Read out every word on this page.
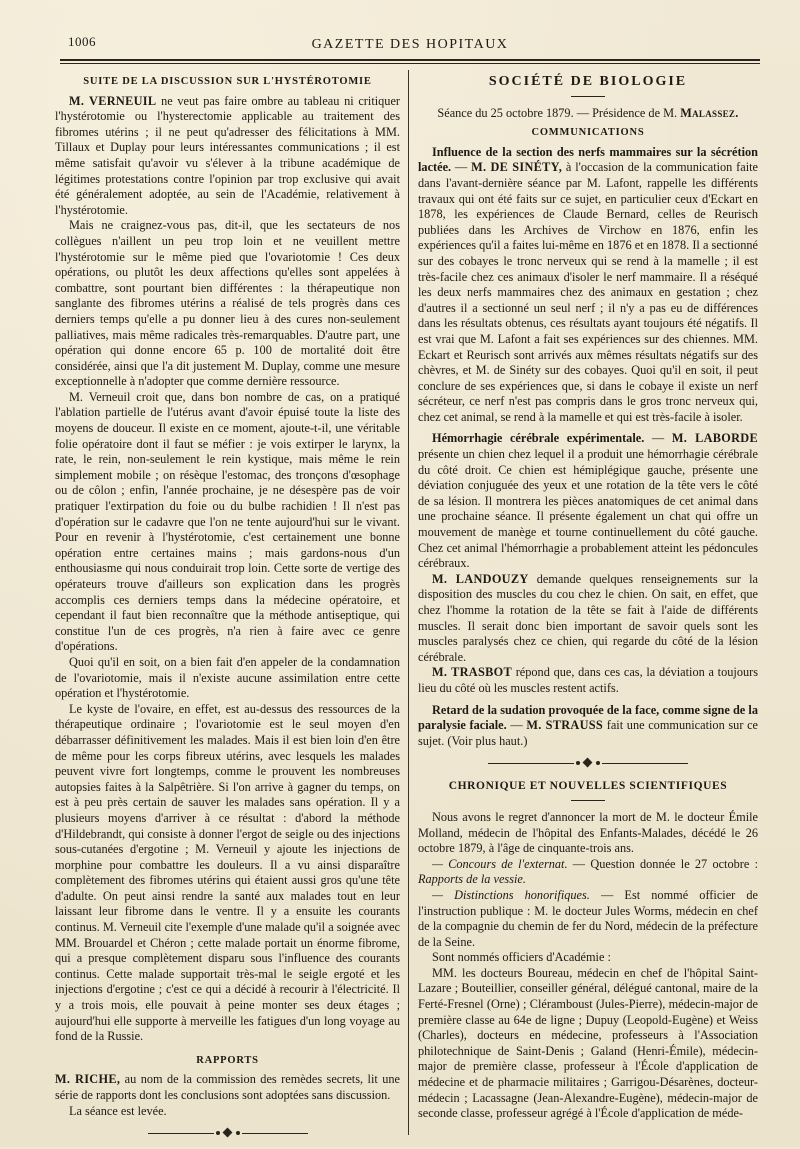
1006	GAZETTE DES HOPITAUX
SUITE DE LA DISCUSSION SUR L'HYSTÉROTOMIE

M. VERNEUIL ne veut pas faire ombre au tableau ni critiquer l'hystérotomie ou l'hysterectomie applicable au traitement des fibromes utérins ; il ne peut qu'adresser des félicitations à MM. Tillaux et Duplay pour leurs intéressantes communications ; il est même satisfait qu'avoir vu s'élever à la tribune académique de légitimes protestations contre l'opinion par trop exclusive qui avait été généralement adoptée, au sein de l'Académie, relativement à l'hystérotomie.

Mais ne craignez-vous pas, dit-il, que les sectateurs de nos collègues n'aillent un peu trop loin et ne veuillent mettre l'hystérotomie sur le même pied que l'ovariotomie ! Ces deux opérations, ou plutôt les deux affections qu'elles sont appelées à combattre, sont pourtant bien différentes : la thérapeutique non sanglante des fibromes utérins a réalisé de tels progrès dans ces derniers temps qu'elle a pu donner lieu à des cures non-seulement palliatives, mais même radicales très-remarquables. D'autre part, une opération qui donne encore 65 p. 100 de mortalité doit être considérée, ainsi que l'a dit justement M. Duplay, comme une mesure exceptionnelle à n'adopter que comme dernière ressource.

M. Verneuil croit que, dans bon nombre de cas, on a pratiqué l'ablation partielle de l'utérus avant d'avoir épuisé toute la liste des moyens de douceur. Il existe en ce moment, ajoute-t-il, une véritable folie opératoire dont il faut se méfier : je vois extirper le larynx, la rate, le rein, non-seulement le rein kystique, mais même le rein simplement mobile ; on résèque l'estomac, des tronçons d'œsophage ou de côlon ; enfin, l'année prochaine, je ne désespère pas de voir pratiquer l'extirpation du foie ou du bulbe rachidien ! Il n'est pas d'opération sur le cadavre que l'on ne tente aujourd'hui sur le vivant. Pour en revenir à l'hystérotomie, c'est certainement une bonne opération entre certaines mains ; mais gardons-nous d'un enthousiasme qui nous conduirait trop loin. Cette sorte de vertige des opérateurs trouve d'ailleurs son explication dans les progrès accomplis ces derniers temps dans la médecine opératoire, et cependant il faut bien reconnaître que la méthode antiseptique, qui constitue l'un de ces progrès, n'a rien à faire avec ce genre d'opérations.

Quoi qu'il en soit, on a bien fait d'en appeler de la condamnation de l'ovariotomie, mais il n'existe aucune assimilation entre cette opération et l'hystérotomie.

Le kyste de l'ovaire, en effet, est au-dessus des ressources de la thérapeutique ordinaire ; l'ovariotomie est le seul moyen d'en débarrasser définitivement les malades. Mais il est bien loin d'en être de même pour les corps fibreux utérins, avec lesquels les malades peuvent vivre fort longtemps, comme le prouvent les nombreuses autopsies faites à la Salpêtrière. Si l'on arrive à gagner du temps, on est à peu près certain de sauver les malades sans opération. Il y a plusieurs moyens d'arriver à ce résultat : d'abord la méthode d'Hildebrandt, qui consiste à donner l'ergot de seigle ou des injections sous-cutanées d'ergotine ; M. Verneuil y ajoute les injections de morphine pour combattre les douleurs. Il a vu ainsi disparaître complètement des fibromes utérins qui étaient aussi gros qu'une tête d'adulte. On peut ainsi rendre la santé aux malades tout en leur laissant leur fibrome dans le ventre. Il y a ensuite les courants continus. M. Verneuil cite l'exemple d'une malade qu'il a soignée avec MM. Brouardel et Chéron ; cette malade portait un énorme fibrome, qui a presque complètement disparu sous l'influence des courants continus. Cette malade supportait très-mal le seigle ergoté et les injections d'ergotine ; c'est ce qui a décidé à recourir à l'électricité. Il y a trois mois, elle pouvait à peine monter ses deux étages ; aujourd'hui elle supporte à merveille les fatigues d'un long voyage au fond de la Russie.

RAPPORTS

M. RICHE, au nom de la commission des remèdes secrets, lit une série de rapports dont les conclusions sont adoptées sans discussion.

La séance est levée.

SOCIÉTÉ DE BIOLOGIE
Séance du 25 octobre 1879. — Présidence de M. Malassez.
COMMUNICATIONS

Influence de la section des nerfs mammaires sur la sécrétion lactée. — M. DE SINÉTY, à l'occasion de la communication faite dans l'avant-dernière séance par M. Lafont, rappelle les différents travaux qui ont été faits sur ce sujet, en particulier ceux d'Eckart en 1878, les expériences de Claude Bernard, celles de Reurisch publiées dans les Archives de Virchow en 1876, enfin les expériences qu'il a faites lui-même en 1876 et en 1878. Il a sectionné sur des cobayes le tronc nerveux qui se rend à la mamelle ; il est très-facile chez ces animaux d'isoler le nerf mammaire. Il a réséqué les deux nerfs mammaires chez des animaux en gestation ; chez d'autres il a sectionné un seul nerf ; il n'y a pas eu de différences dans les résultats obtenus, ces résultats ayant toujours été négatifs. Il est vrai que M. Lafont a fait ses expériences sur des chiennes. MM. Eckart et Reurisch sont arrivés aux mêmes résultats négatifs sur des chèvres, et M. de Sinéty sur des cobayes. Quoi qu'il en soit, il peut conclure de ses expériences que, si dans le cobaye il existe un nerf sécréteur, ce nerf n'est pas compris dans le gros tronc nerveux qui, chez cet animal, se rend à la mamelle et qui est très-facile à isoler.

Hémorrhagie cérébrale expérimentale. — M. LABORDE présente un chien chez lequel il a produit une hémorrhagie cérébrale du côté droit. Ce chien est hémiplégique gauche, présente une déviation conjuguée des yeux et une rotation de la tête vers le côté de sa lésion. Il montrera les pièces anatomiques de cet animal dans une prochaine séance. Il présente également un chat qui offre un mouvement de manège et tourne continuellement du côté gauche. Chez cet animal l'hémorrhagie a probablement atteint les pédoncules cérébraux.

M. LANDOUZY demande quelques renseignements sur la disposition des muscles du cou chez le chien. On sait, en effet, que chez l'homme la rotation de la tête se fait à l'aide de différents muscles. Il serait donc bien important de savoir quels sont les muscles paralysés chez ce chien, qui regarde du côté de la lésion cérébrale.

M. TRASBOT répond que, dans ces cas, la déviation a toujours lieu du côté où les muscles restent actifs.

Retard de la sudation provoquée de la face, comme signe de la paralysie faciale. — M. STRAUSS fait une communication sur ce sujet. (Voir plus haut.)

CHRONIQUE ET NOUVELLES SCIENTIFIQUES

Nous avons le regret d'annoncer la mort de M. le docteur Émile Molland, médecin de l'hôpital des Enfants-Malades, décédé le 26 octobre 1879, à l'âge de cinquante-trois ans.

— Concours de l'externat. — Question donnée le 27 octobre : Rapports de la vessie.

— Distinctions honorifiques. — Est nommé officier de l'instruction publique : M. le docteur Jules Worms, médecin en chef de la compagnie du chemin de fer du Nord, médecin de la préfecture de la Seine.

Sont nommés officiers d'Académie :

MM. les docteurs Boureau, médecin en chef de l'hôpital Saint-Lazare ; Bouteillier, conseiller général, délégué cantonal, maire de la Ferté-Fresnel (Orne) ; Cléramboust (Jules-Pierre), médecin-major de première classe au 64e de ligne ; Dupuy (Leopold-Eugène) et Weiss (Charles), docteurs en médecine, professeurs à l'Association philotechnique de Saint-Denis ; Galand (Henri-Émile), médecin-major de première classe, professeur à l'École d'application de médecine et de pharmacie militaires ; Garrigou-Désarènes, docteur-médecin ; Lacassagne (Jean-Alexandre-Eugène), médecin-major de seconde classe, professeur agrégé à l'École d'application de méde-
